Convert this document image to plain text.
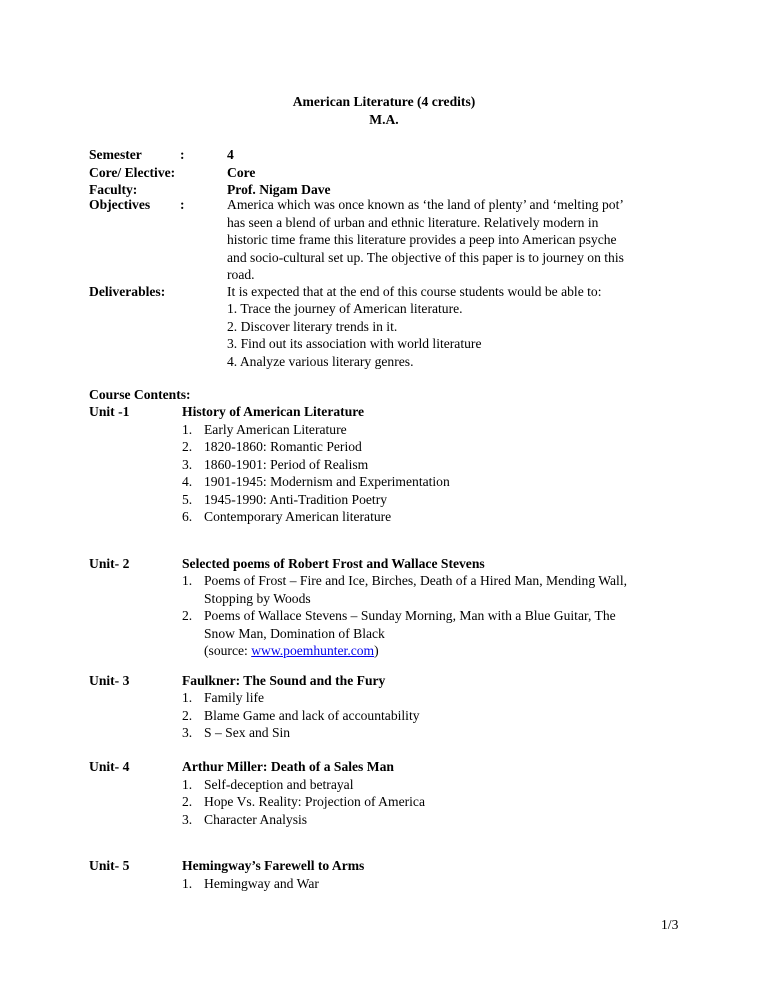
American Literature (4 credits)
M.A.
Semester	:	4
Core/ Elective:	Core
Faculty:	Prof. Nigam Dave
Objectives :	America which was once known as ‘the land of plenty’ and ‘melting pot’
has seen a blend of urban and ethnic literature. Relatively modern in
historic time frame this literature provides a peep into American psyche
and socio-cultural set up. The objective of this paper is to journey on this
road.
Deliverables:	It is expected that at the end of this course students would be able to:
1. Trace the journey of American literature.
2. Discover literary trends in it.
3. Find out its association with world literature
4. Analyze various literary genres.
Course Contents:
Unit -1	History of American Literature
1. Early American Literature
2. 1820-1860: Romantic Period
3. 1860-1901: Period of Realism
4. 1901-1945: Modernism and Experimentation
5. 1945-1990: Anti-Tradition Poetry
6. Contemporary American literature
Unit- 2	Selected poems of Robert Frost and Wallace Stevens
1. Poems of Frost – Fire and Ice, Birches, Death of a Hired Man, Mending Wall,
Stopping by Woods
2. Poems of Wallace Stevens – Sunday Morning, Man with a Blue Guitar, The
Snow Man, Domination of Black
(source: www.poemhunter.com)
Unit- 3	Faulkner: The Sound and the Fury
1. Family life
2. Blame Game and lack of accountability
3. S – Sex and Sin
Unit- 4	Arthur Miller: Death of a Sales Man
1. Self-deception and betrayal
2. Hope Vs. Reality: Projection of America
3. Character Analysis
Unit- 5	Hemingway’s Farewell to Arms
1. Hemingway and War
1/3
